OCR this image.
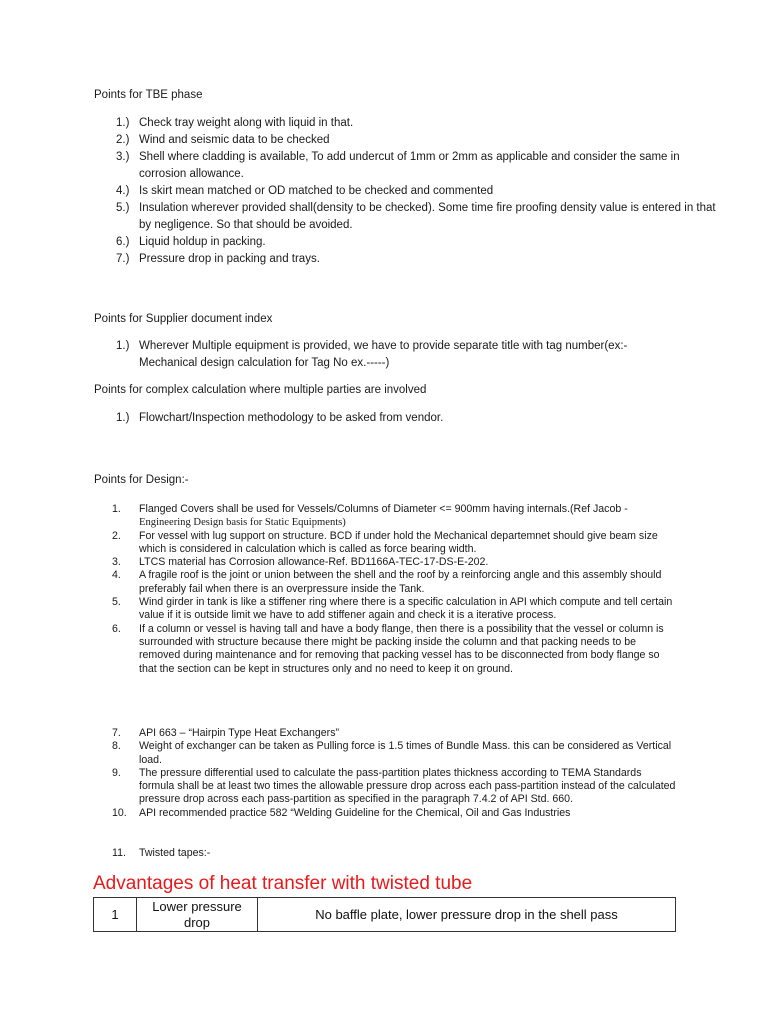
Points for TBE phase
1.) Check tray weight along with liquid in that.
2.) Wind and seismic data to be checked
3.) Shell where cladding is available, To add undercut of 1mm or 2mm as applicable and consider the same in corrosion allowance.
4.) Is skirt mean matched or OD matched to be checked and commented
5.) Insulation wherever provided shall(density to be checked). Some time fire proofing density value is entered in that by negligence. So that should be avoided.
6.) Liquid holdup in packing.
7.) Pressure drop in packing and trays.
Points for Supplier document index
1.) Wherever Multiple equipment is provided, we have to provide separate title with tag number(ex:- Mechanical design calculation for Tag No ex.-----)
Points for complex calculation where multiple parties are involved
1.) Flowchart/Inspection methodology to be asked from vendor.
Points for Design:-
1.	Flanged Covers shall be used for Vessels/Columns of Diameter <= 900mm having internals.(Ref Jacob - Engineering Design basis for Static Equipments)
2.	For vessel with lug support on structure. BCD if under hold the Mechanical departemnet should give beam size which is considered in calculation which is called as force bearing width.
3.	LTCS material has Corrosion allowance-Ref. BD1166A-TEC-17-DS-E-202.
4.	A fragile roof is the joint or union between the shell and the roof by a reinforcing angle and this assembly should preferably fail when there is an overpressure inside the Tank.
5.	Wind girder in tank is like a stiffener ring where there is a specific calculation in API which compute and tell certain value if it is outside limit we have to add stiffener again and check it is a iterative process.
6.	If a column or vessel is having tall and have a body flange, then there is a possibility that the vessel or column is surrounded with structure because there might be packing inside the column and that packing needs to be removed during maintenance and for removing that packing vessel has to be disconnected from body flange so that the section can be kept in structures only and no need to keep it on ground.
7.	API 663 – “Hairpin Type Heat Exchangers”
8.	Weight of exchanger can be taken as Pulling force is 1.5 times of Bundle Mass. this can be considered as Vertical load.
9.	The pressure differential used to calculate the pass-partition plates thickness according to TEMA Standards formula shall be at least two times the allowable pressure drop across each pass-partition instead of the calculated pressure drop across each pass-partition as specified in the paragraph 7.4.2 of API Std. 660.
10.	API recommended practice 582 “Welding Guideline for the Chemical, Oil and Gas Industries
11.	Twisted tapes:-
Advantages of heat transfer with twisted tube
1	Lower pressure drop	No baffle plate, lower pressure drop in the shell pass
